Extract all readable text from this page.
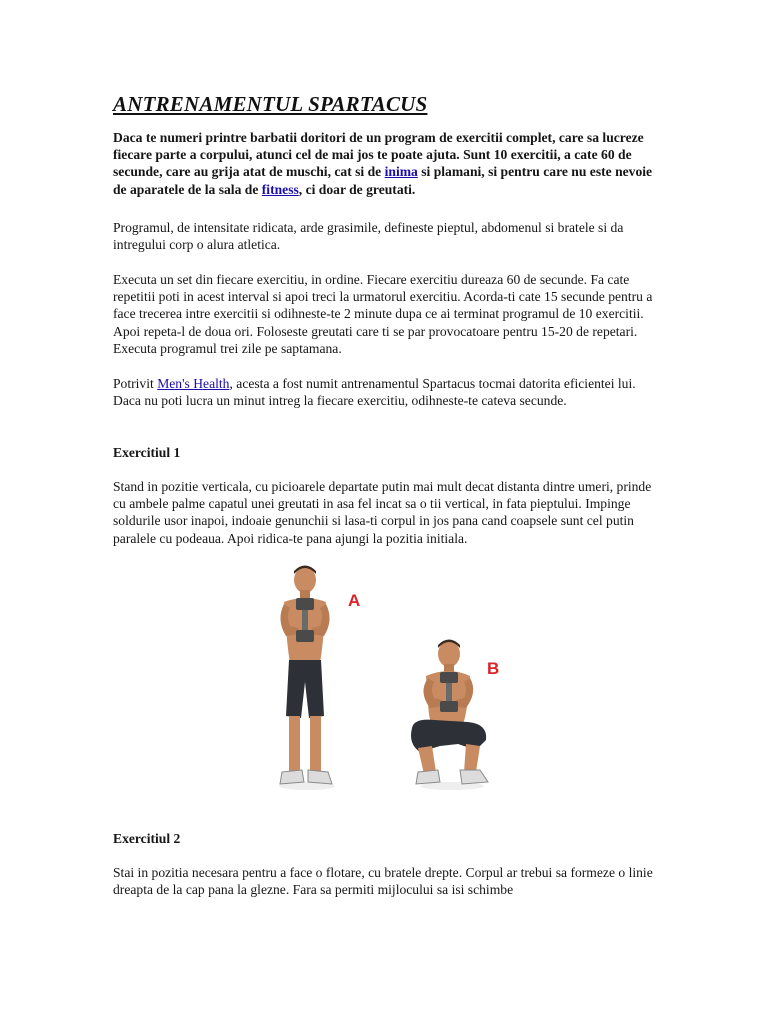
ANTRENAMENTUL SPARTACUS

Daca te numeri printre barbatii doritori de un program de exercitii complet, care sa lucreze fiecare parte a corpului, atunci cel de mai jos te poate ajuta. Sunt 10 exercitii, a cate 60 de secunde, care au grija atat de muschi, cat si de inima si plamani, si pentru care nu este nevoie de aparatele de la sala de fitness, ci doar de greutati.

Programul, de intensitate ridicata, arde grasimile, defineste pieptul, abdomenul si bratele si da intregului corp o alura atletica.

Executa un set din fiecare exercitiu, in ordine. Fiecare exercitiu dureaza 60 de secunde. Fa cate repetitii poti in acest interval si apoi treci la urmatorul exercitiu. Acorda-ti cate 15 secunde pentru a face trecerea intre exercitii si odihneste-te 2 minute dupa ce ai terminat programul de 10 exercitii. Apoi repeta-l de doua ori. Foloseste greutati care ti se par provocatoare pentru 15-20 de repetari. Executa programul trei zile pe saptamana.

Potrivit Men's Health, acesta a fost numit antrenamentul Spartacus tocmai datorita eficientei lui. Daca nu poti lucra un minut intreg la fiecare exercitiu, odihneste-te cateva secunde.

Exercitiul 1

Stand in pozitie verticala, cu picioarele departate putin mai mult decat distanta dintre umeri, prinde cu ambele palme capatul unei greutati in asa fel incat sa o tii vertical, in fata pieptului. Impinge soldurile usor inapoi, indoaie genunchii si lasa-ti corpul in jos pana cand coapsele sunt cel putin paralele cu podeaua. Apoi ridica-te pana ajungi la pozitia initiala.

A
B

Exercitiul 2

Stai in pozitia necesara pentru a face o flotare, cu bratele drepte. Corpul ar trebui sa formeze o linie dreapta de la cap pana la glezne. Fara sa permiti mijlocului sa isi schimbe
